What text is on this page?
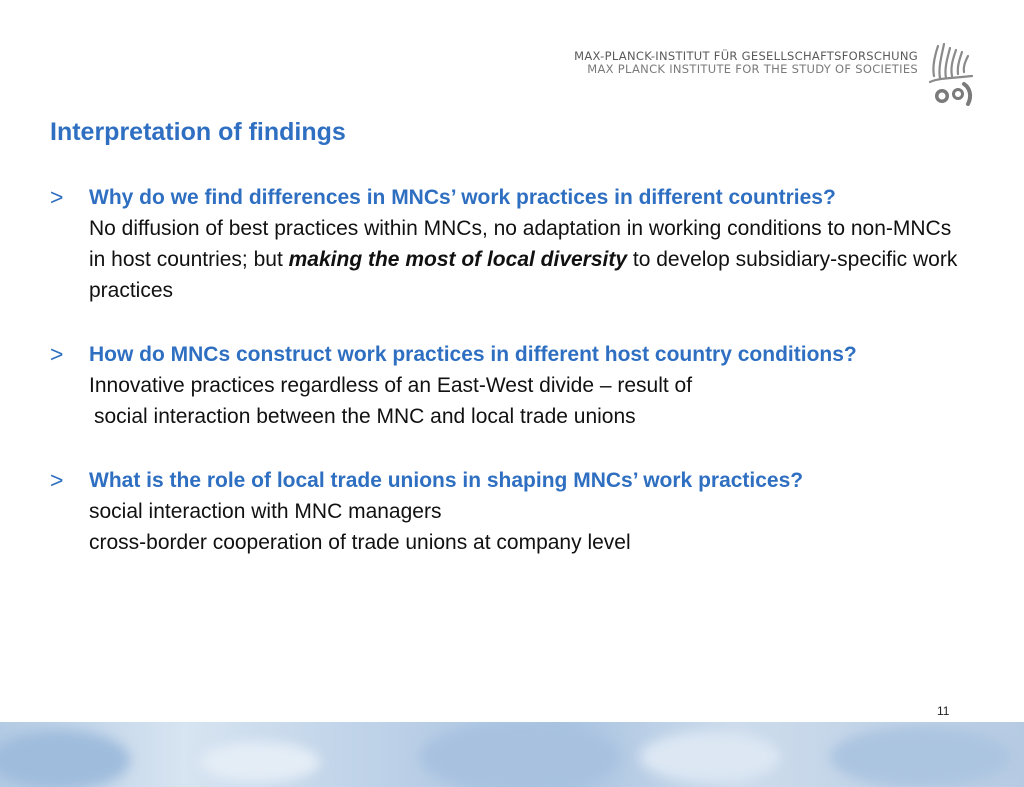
MAX-PLANCK-INSTITUT FÜR GESELLSCHAFTSFORSCHUNG
MAX PLANCK INSTITUTE FOR THE STUDY OF SOCIETIES
Interpretation of findings
> Why do we find differences in MNCs’ work practices in different countries?
No diffusion of best practices within MNCs, no adaptation in working conditions to non-MNCs in host countries; but making the most of local diversity to develop subsidiary-specific work practices
> How do MNCs construct work practices in different host country conditions?
Innovative practices regardless of an East-West divide – result of
social interaction between the MNC and local trade unions
> What is the role of local trade unions in shaping MNCs’ work practices?
social interaction with MNC managers
cross-border cooperation of trade unions at company level
11
